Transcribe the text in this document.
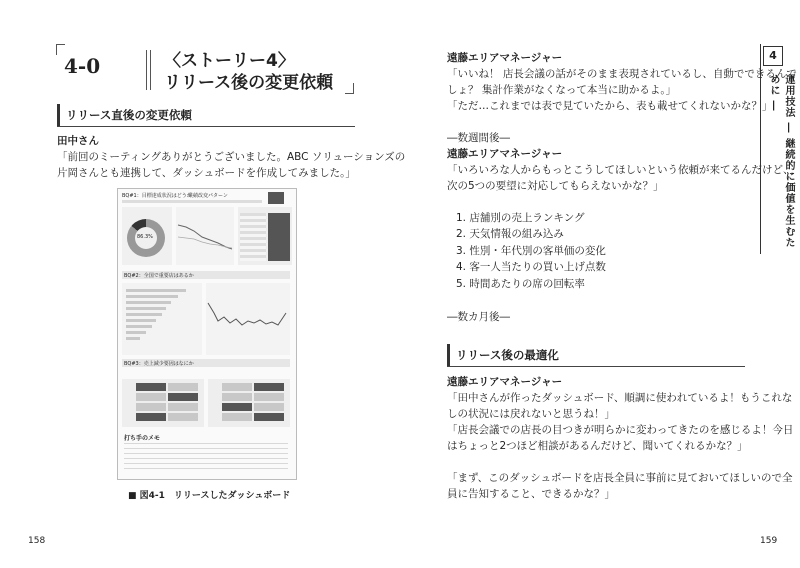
4-0	〈ストーリー4〉
リリース後の変更依頼
リリース直後の変更依頼
田中さん
「前回のミーティングありがとうございました。ABC ソリューションズの
片岡さんとも連携して、ダッシュボードを作成してみました。」
BQ#1：目標達成状況はどうか
業績改変パターン
86.3%
BQ#2：全国で重要店はあるか
BQ#3：売上減少要因はなにか
打ち手のメモ
■ 図4-1　リリースしたダッシュボード
158
遠藤エリアマネージャー
「いいね！ 店長会議の話がそのまま表現されているし、自動でできるんで
しょ？ 集計作業がなくなって本当に助かるよ。」
「ただ…これまでは表で見ていたから、表も載せてくれないかな？」
―数週間後―
遠藤エリアマネージャー
「いろいろな人からもっとこうしてほしいという依頼が来てるんだけど、
次の5つの要望に対応してもらえないかな？」
1. 店舗別の売上ランキング
2. 天気情報の組み込み
3. 性別・年代別の客単価の変化
4. 客一人当たりの買い上げ点数
5. 時間あたりの席の回転率
―数カ月後―
リリース後の最適化
遠藤エリアマネージャー
「田中さんが作ったダッシュボード、順調に使われているよ！もうこれな
しの状況には戻れないと思うね！」
「店長会議での店長の目つきが明らかに変わってきたのを感じるよ！今日
はちょっと2つほど相談があるんだけど、聞いてくれるかな？」
「まず、このダッシュボードを店長全員に事前に見ておいてほしいので全
員に告知すること、できるかな？」
159
4
運用技法 ― 継続的に価値を生むために ―
